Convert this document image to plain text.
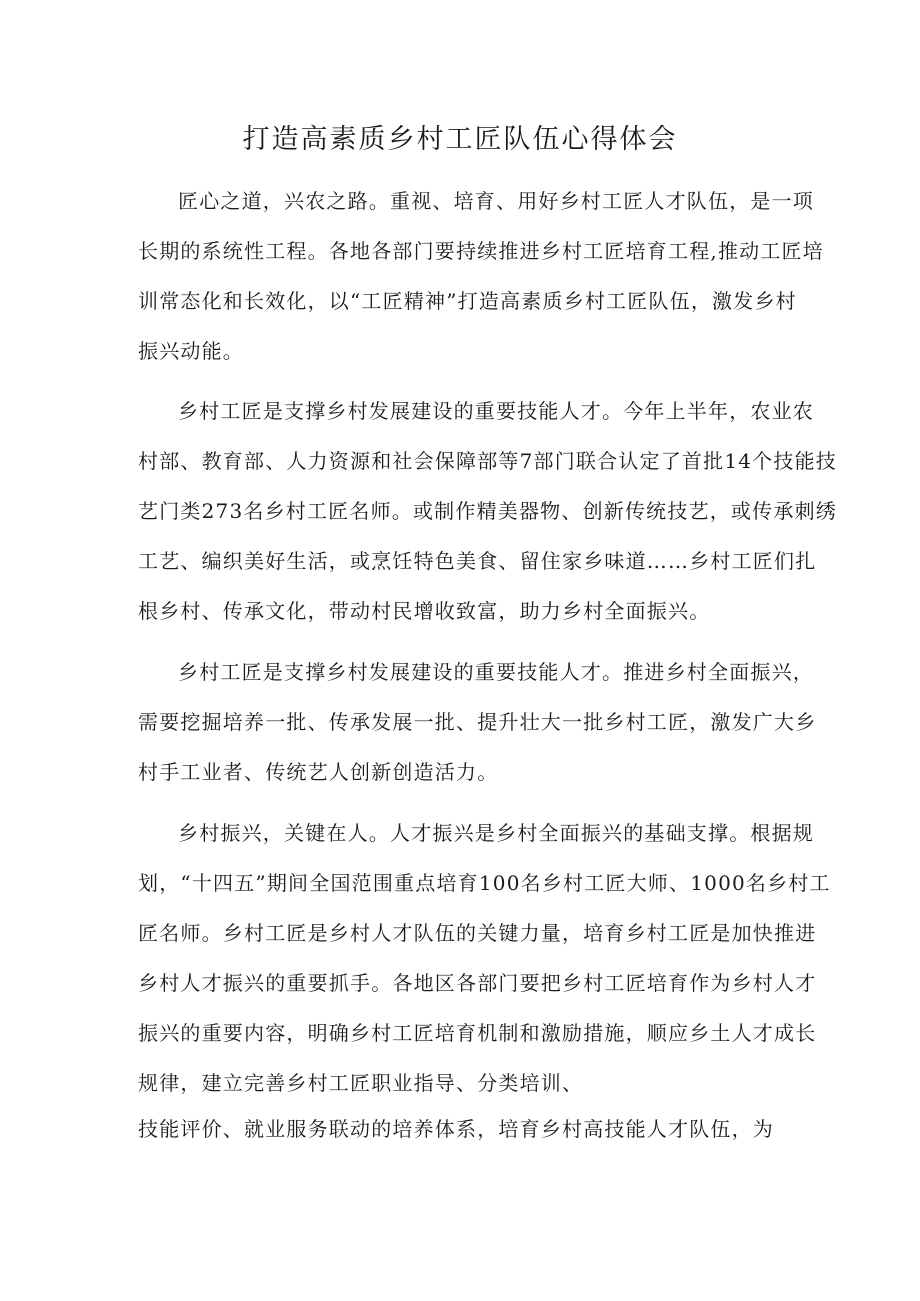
打造高素质乡村工匠队伍心得体会

匠心之道，兴农之路。重视、培育、用好乡村工匠人才队伍，是一项

长期的系统性工程。各地各部门要持续推进乡村工匠培育工程,推动工匠培

训常态化和长效化，以“工匠精神”打造高素质乡村工匠队伍，激发乡村

振兴动能。

乡村工匠是支撑乡村发展建设的重要技能人才。今年上半年，农业农

村部、教育部、人力资源和社会保障部等7部门联合认定了首批14个技能技

艺门类273名乡村工匠名师。或制作精美器物、创新传统技艺，或传承刺绣

工艺、编织美好生活，或烹饪特色美食、留住家乡味道……乡村工匠们扎

根乡村、传承文化，带动村民增收致富，助力乡村全面振兴。

乡村工匠是支撑乡村发展建设的重要技能人才。推进乡村全面振兴，

需要挖掘培养一批、传承发展一批、提升壮大一批乡村工匠，激发广大乡

村手工业者、传统艺人创新创造活力。

乡村振兴，关键在人。人才振兴是乡村全面振兴的基础支撑。根据规

划，“十四五”期间全国范围重点培育100名乡村工匠大师、1000名乡村工

匠名师。乡村工匠是乡村人才队伍的关键力量，培育乡村工匠是加快推进

乡村人才振兴的重要抓手。各地区各部门要把乡村工匠培育作为乡村人才

振兴的重要内容，明确乡村工匠培育机制和激励措施，顺应乡土人才成长

规律，建立完善乡村工匠职业指导、分类培训、

技能评价、就业服务联动的培养体系，培育乡村高技能人才队伍，为
